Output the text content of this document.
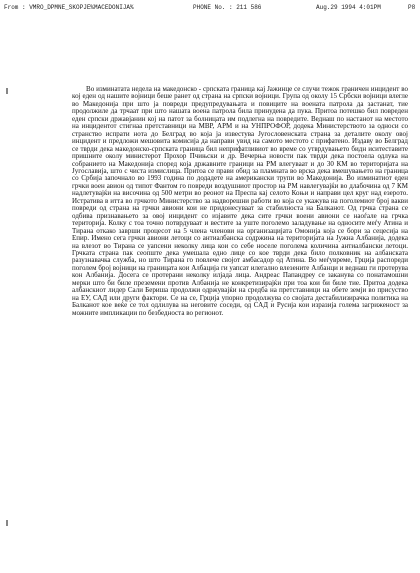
From : VMRO_DPMNE_SKOPJE%MACEDONIJA%	PHONE No. : 211 586	Aug.29 1994 4:01PM	P8
Во изминатата недела на македонско - српската граница кај Јажинце се случи тежок граничен инцидент во кој еден од нашите војници беше ранет од страна на српски војници. Група од околу 15 Србски војници влегле во Македонија при што ја повреди предупредувањата и повиците на воената патрола да застанат, тие продолжиле да трчаат при што нашата воена патрола била принудена да пука. Притоа потешко бил повреден еден српски државјанин кој на патот за болницата им подлегна на повредите. Веднаш по настанот на местото на инцидентот стигнаа претставници на МВР, АРМ и на УНПРОФОР, додека Министерството за односи со странство испрати нота до Белград во која ја известува Југословенската страна за деталите околу овој инцидент и предложи мешовита комисија да направи увид на самото местото с прифатено. Издаву во Белград се тврди дека македонско-српската граница бил неприфатливиот во време со утврдувањето бидн иситеставите пришните околу министерот Прохор Пчињски и др. Вечерња новости пак тврди дека постоела одлука на собранието на Македонија според која државните граници на РМ влегуваат и до 30 КМ во територијата на Југославија, што с чиста измислица. Притоа се прави обид за пламната во врска дека вмешувањето на граница со Србија започнало во 1993 година по додадете на американски трупи во Македонија. Во изминатиот еден грчки воен авион од типот Фантом го повреди воздушниот простор на РМ навлегувајќи во длабочина од 7 КМ надлетувајќи на височина од 500 метри во реонот на Преспа кај селото Коњи и направи цел круг над езерото. Истратива в итта во грчкото Министерство за надворешни работи во која се укажува на поголемиот број вакви повреди од страна на грчки авиони кои не придонесуваат за стабилноста на Балканот. Од грчка страна се одбива признавањето за овој инцидент со изјавите дека сите грчки воени авиони се наоѓале на грчка територија. Колку с тоа точно потврдуваат и вестите за уште поголемо заладување на односите меѓу Атина и Тирана откако заврши процесот на 5 члена членови на организацијата Омонија која се бори за сецесија на Епир. Имено сега грчки авиони летоци со антиалбанска содржина на територијата на Јужна Албанија, додека на влезот во Тирана се уапсени неколку лица кои со себе носеле поголема количина антиалбански летоци. Грчката страна пак сеопште дека умешала едно лице со кое тврди дека било полковник на албанската разузнавачка служба, но што Тирана го повлече својот амбасадор од Атина. Во меѓувреме, Грција распореди поголем број војници на границата кои Албација ги уапсат илегално влезените Албанци и веднаш ги протерува кон Албанија. Досега се протерани неколку илјада лица. Андреас Папандреу се заканува со понатамошни мерки што би биле преземени против Албанија не конкретизирајќи при тоа кои би биле тие. Притоа додека албанскиот лидер Сали Бериша продолжи одржувајќи на средба на претставници на обете земји во присуство на ЕУ, САД или други фактори. Се на се, Грција упорно продолжува со својата дестабилизирачка политика на Балканот кое веќе се тол одлилува на неговите соседи, од САД и Русија кои изразија голема загриженост за можните импликации по безбедноста во регионот.
